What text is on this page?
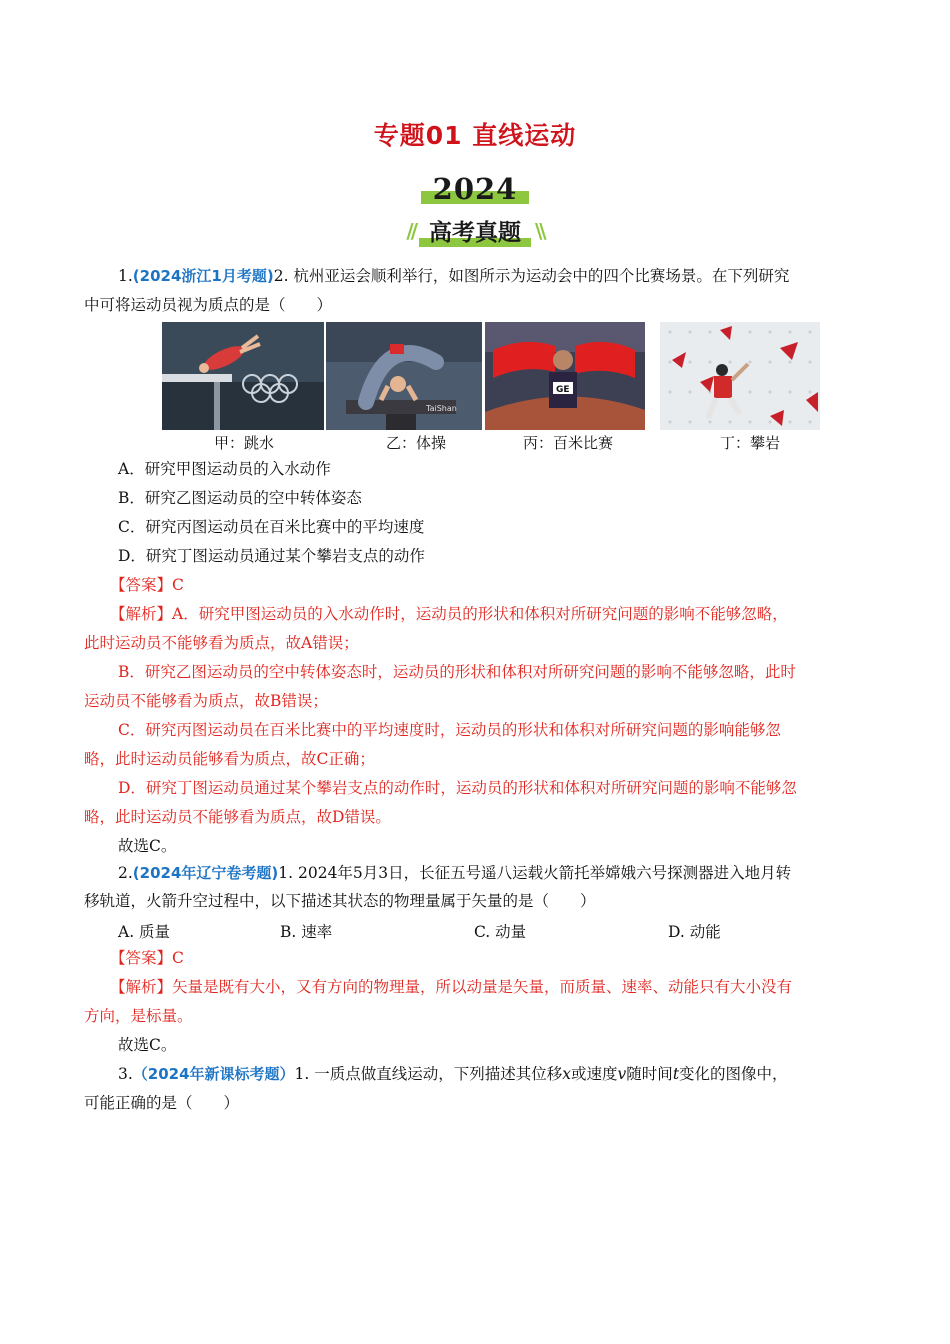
专题01 直线运动
2024
// 高考真题 \\
1.(2024浙江1月考题)2. 杭州亚运会顺利举行，如图所示为运动会中的四个比赛场景。在下列研究
中可将运动员视为质点的是（　　）
TaiShan
GE
甲：跳水	乙：体操	丙：百米比赛	丁：攀岩
A．研究甲图运动员的入水动作
B．研究乙图运动员的空中转体姿态
C．研究丙图运动员在百米比赛中的平均速度
D．研究丁图运动员通过某个攀岩支点的动作
【答案】C
【解析】A．研究甲图运动员的入水动作时，运动员的形状和体积对所研究问题的影响不能够忽略，
此时运动员不能够看为质点，故A错误；
B．研究乙图运动员的空中转体姿态时，运动员的形状和体积对所研究问题的影响不能够忽略，此时
运动员不能够看为质点，故B错误；
C．研究丙图运动员在百米比赛中的平均速度时，运动员的形状和体积对所研究问题的影响能够忽
略，此时运动员能够看为质点，故C正确；
D．研究丁图运动员通过某个攀岩支点的动作时，运动员的形状和体积对所研究问题的影响不能够忽
略，此时运动员不能够看为质点，故D错误。
故选C。
2.(2024年辽宁卷考题)1. 2024年5月3日，长征五号遥八运载火箭托举嫦娥六号探测器进入地月转
移轨道，火箭升空过程中，以下描述其状态的物理量属于矢量的是（　　）
A. 质量	B. 速率	C. 动量	D. 动能
【答案】C
【解析】矢量是既有大小，又有方向的物理量，所以动量是矢量，而质量、速率、动能只有大小没有
方向，是标量。
故选C。
3.（2024年新课标考题）1. 一质点做直线运动，下列描述其位移x或速度v随时间t变化的图像中，
可能正确的是（　　）
